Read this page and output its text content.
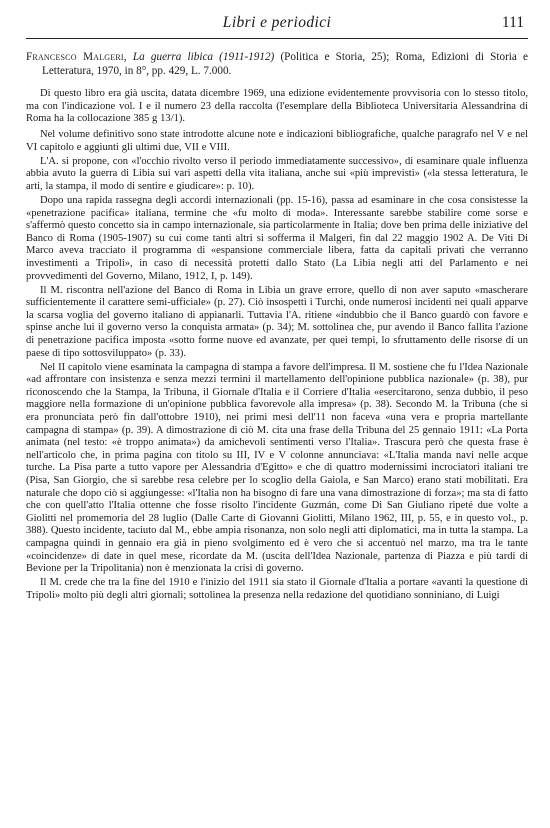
Libri e periodici	111
Francesco Malgeri, La guerra libica (1911-1912) (Politica e Storia, 25); Roma, Edizioni di Storia e Letteratura, 1970, in 8°, pp. 429, L. 7.000.

Di questo libro era già uscita, datata dicembre 1969, una edizione evidentemente provvisoria con lo stesso titolo, ma con l'indicazione vol. I e il numero 23 della raccolta (l'esemplare della Biblioteca Universitaria Alessandrina di Roma ha la collocazione 385 g 13/1).

Nel volume definitivo sono state introdotte alcune note e indicazioni bibliografiche, qualche paragrafo nel V e nel VI capitolo e aggiunti gli ultimi due, VII e VIII.

L'A. si propone, con «l'occhio rivolto verso il periodo immediatamente successivo», di esaminare quale influenza abbia avuto la guerra di Libia sui vari aspetti della vita italiana, anche sui «più imprevisti» («la stessa letteratura, le arti, la stampa, il modo di sentire e giudicare»: p. 10).

Dopo una rapida rassegna degli accordi internazionali (pp. 15-16), passa ad esaminare in che cosa consistesse la «penetrazione pacifica» italiana, termine che «fu molto di moda». Interessante sarebbe stabilire come sorse e s'affermò questo concetto sia in campo internazionale, sia particolarmente in Italia; dove ben prima delle iniziative del Banco di Roma (1905-1907) su cui come tanti altri si sofferma il Malgeri, fin dal 22 maggio 1902 A. De Viti Di Marco aveva tracciato il programma di «espansione commerciale libera, fatta da capitali privati che verranno investimenti a Tripoli», in caso di necessità protetti dallo Stato (La Libia negli atti del Parlamento e nei provvedimenti del Governo, Milano, 1912, I, p. 149).

Il M. riscontra nell'azione del Banco di Roma in Libia un grave errore, quello di non aver saputo «mascherare sufficientemente il carattere semi-ufficiale» (p. 27). Ciò insospettì i Turchi, onde numerosi incidenti nei quali apparve la scarsa voglia del governo italiano di appianarli. Tuttavia l'A. ritiene «indubbio che il Banco guardò con favore e spinse anche lui il governo verso la conquista armata» (p. 34); M. sottolinea che, pur avendo il Banco fallita l'azione di penetrazione pacifica imposta «sotto forme nuove ed avanzate, per quei tempi, lo sfruttamento delle risorse di un paese di tipo sottosviluppato» (p. 33).

Nel II capitolo viene esaminata la campagna di stampa a favore dell'impresa. Il M. sostiene che fu l'Idea Nazionale «ad affrontare con insistenza e senza mezzi termini il martellamento dell'opinione pubblica nazionale» (p. 38), pur riconoscendo che la Stampa, la Tribuna, il Giornale d'Italia e il Corriere d'Italia «esercitarono, senza dubbio, il peso maggiore nella formazione di un'opinione pubblica favorevole alla impresa» (p. 38). Secondo M. la Tribuna (che si era pronunciata però fin dall'ottobre 1910), nei primi mesi dell'11 non faceva «una vera e propria martellante campagna di stampa» (p. 39). A dimostrazione di ciò M. cita una frase della Tribuna del 25 gennaio 1911: «La Porta animata (nel testo: «è troppo animata») da amichevoli sentimenti verso l'Italia». Trascura però che questa frase è nell'articolo che, in prima pagina con titolo su III, IV e V colonne annunciava: «L'Italia manda navi nelle acque turche. La Pisa parte a tutto vapore per Alessandria d'Egitto» e che di quattro modernissimi incrociatori italiani tre (Pisa, San Giorgio, che si sarebbe resa celebre per lo scoglio della Gaiola, e San Marco) erano stati mobilitati. Era naturale che dopo ciò si aggiungesse: «l'Italia non ha bisogno di fare una vana dimostrazione di forza»; ma sta di fatto che con quell'atto l'Italia ottenne che fosse risolto l'incidente Guzmán, come Di San Giuliano ripeté due volte a Giolitti nel promemoria del 28 luglio (Dalle Carte di Giovanni Giolitti, Milano 1962, III, p. 55, e in questo vol., p. 388). Questo incidente, taciuto dal M., ebbe ampia risonanza, non solo negli atti diplomatici, ma in tutta la stampa. La campagna quindi in gennaio era già in pieno svolgimento ed è vero che si accentuò nel marzo, ma tra le tante «coincidenze» di date in quel mese, ricordate da M. (uscita dell'Idea Nazionale, partenza di Piazza e più tardi di Bevione per la Tripolitania) non è menzionata la crisi di governo.

Il M. crede che tra la fine del 1910 e l'inizio del 1911 sia stato il Giornale d'Italia a portare «avanti la questione di Tripoli» molto più degli altri giornali; sottolinea la presenza nella redazione del quotidiano sonniniano, di Luigi
